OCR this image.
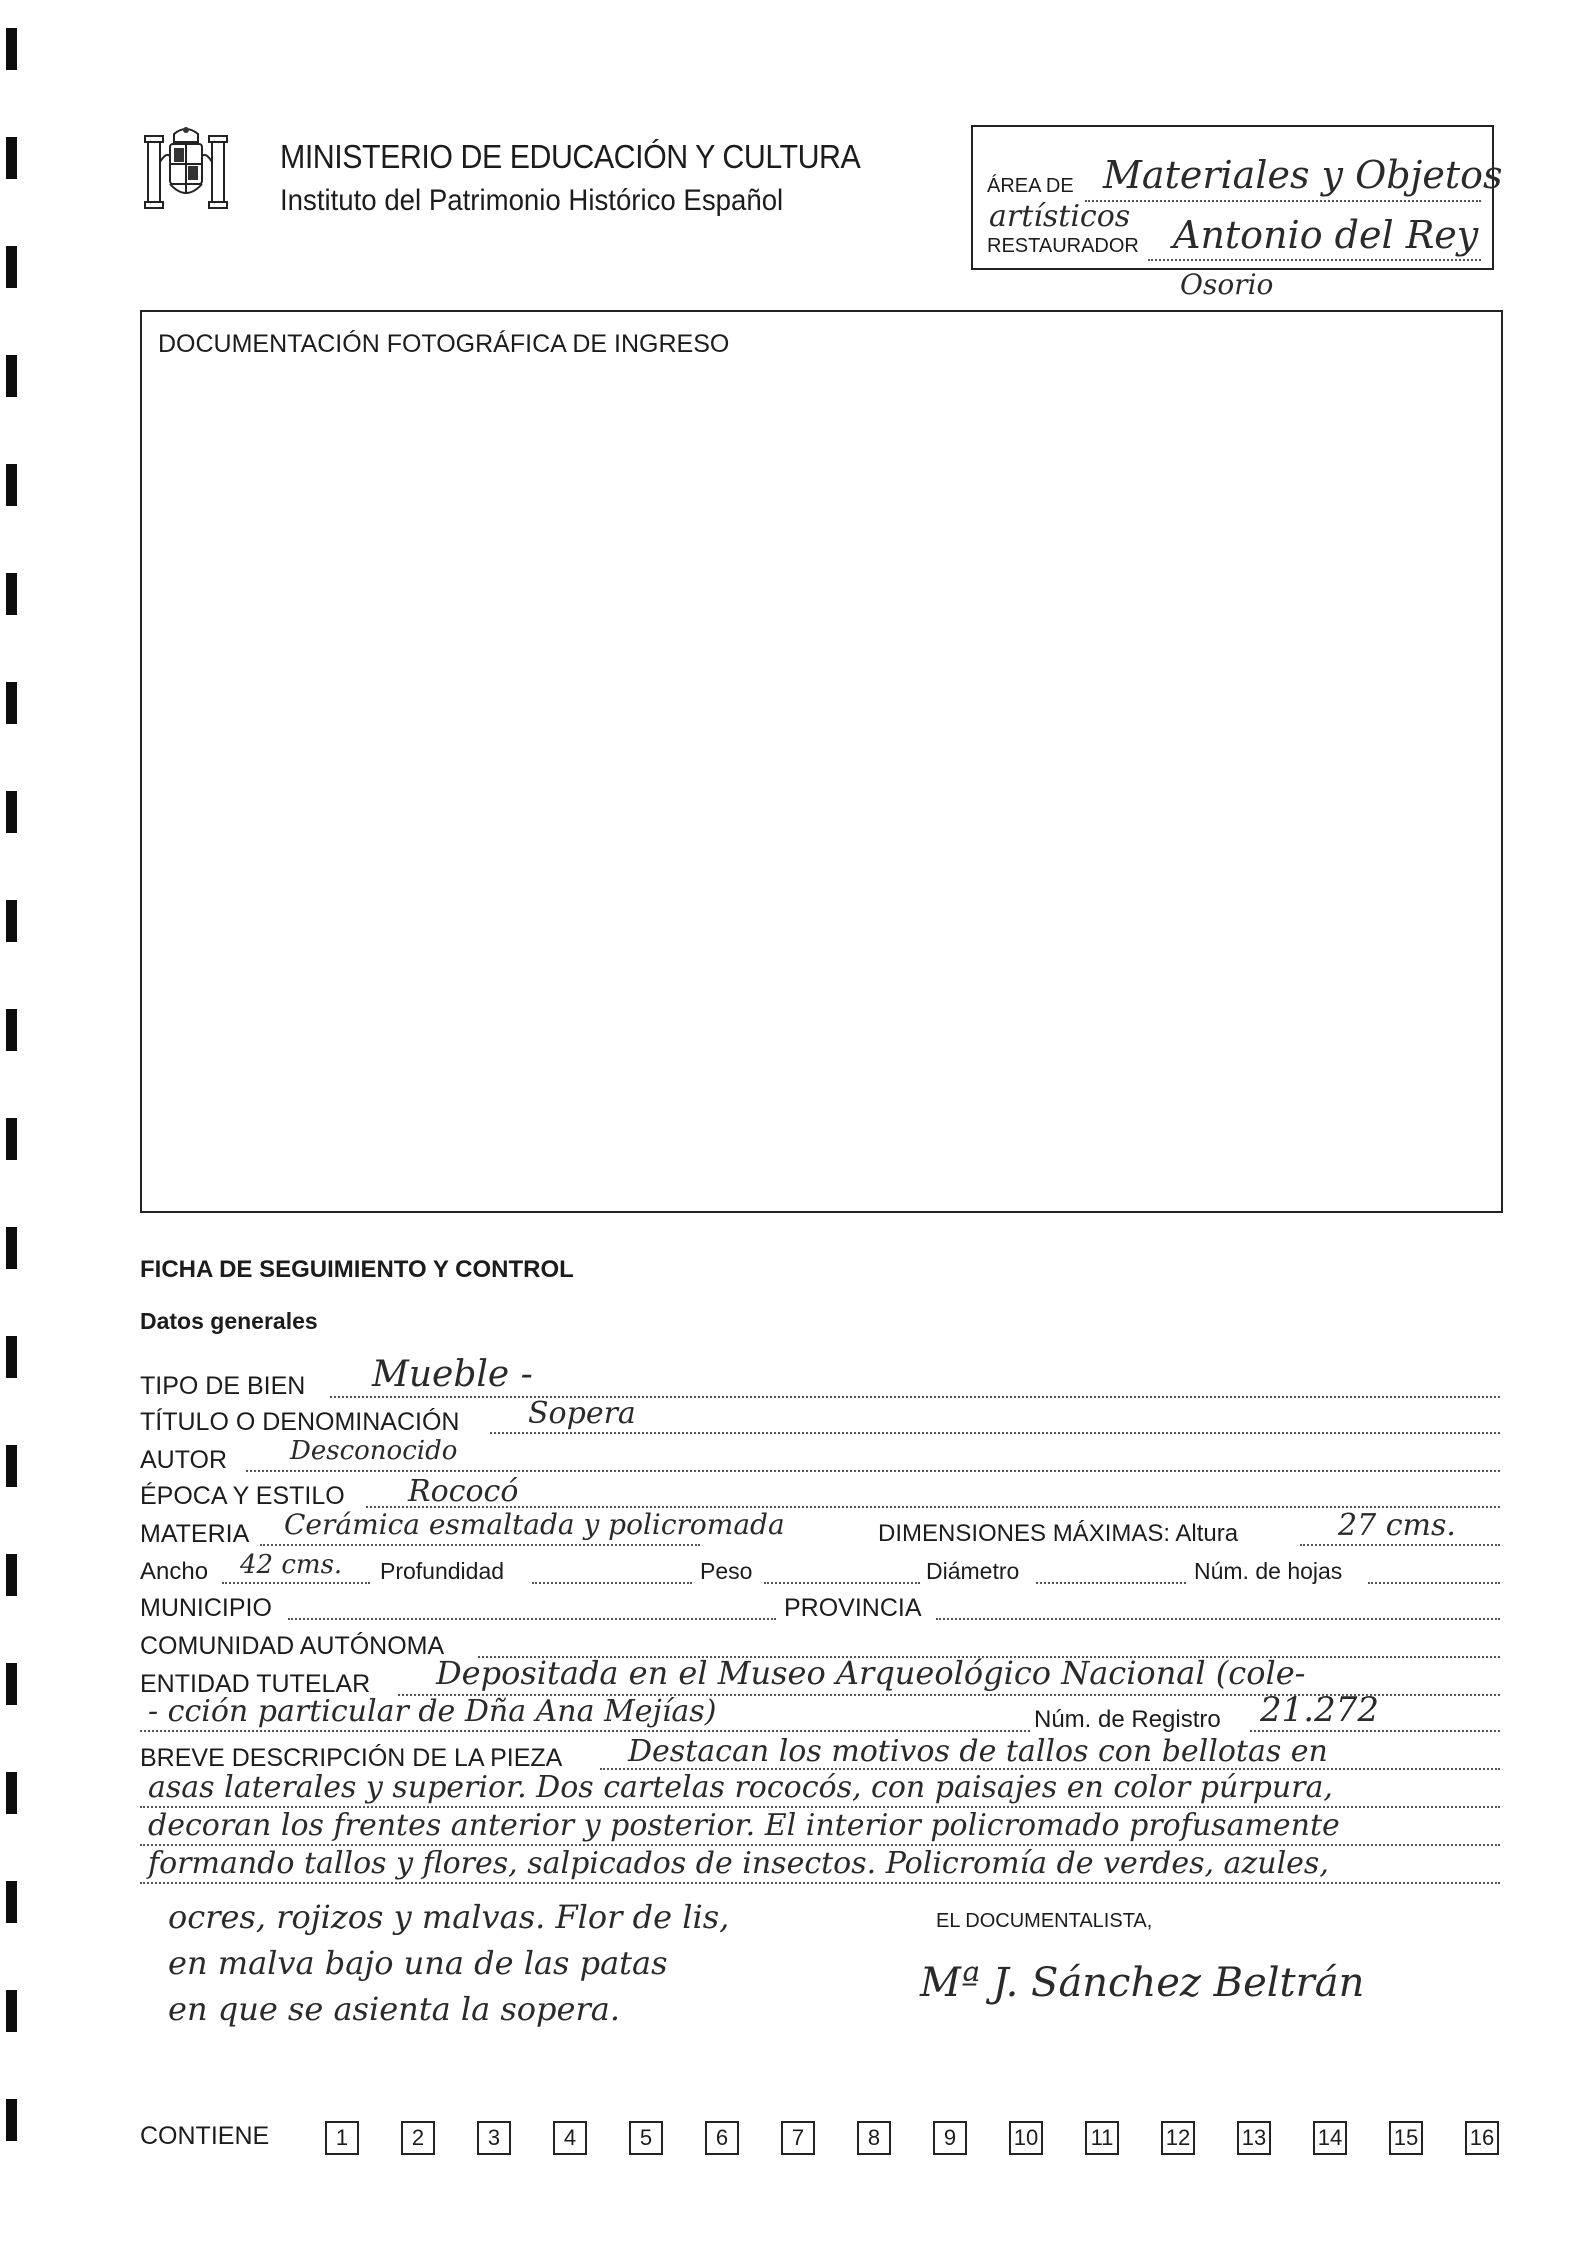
MINISTERIO DE EDUCACIÓN Y CULTURA
Instituto del Patrimonio Histórico Español	ÁREA DE Materiales y Objetos
artísticos
RESTAURADOR Antonio del Rey
Osorio
DOCUMENTACIÓN FOTOGRÁFICA DE INGRESO
FICHA DE SEGUIMIENTO Y CONTROL
Datos generales
TIPO DE BIEN Mueble -
TÍTULO O DENOMINACIÓN Sopera
AUTOR Desconocido
ÉPOCA Y ESTILO Rococó
MATERIA Cerámica esmaltada y policromada	DIMENSIONES MÁXIMAS: Altura	27 cms.
Ancho 42 cms. Profundidad	Peso	Diámetro	Núm. de hojas
MUNICIPIO	PROVINCIA
COMUNIDAD AUTÓNOMA
ENTIDAD TUTELAR Depositada en el Museo Arqueológico Nacional (cole-
- cción particular de Dña Ana Mejías)	Núm. de Registro 21.272
BREVE DESCRIPCIÓN DE LA PIEZA Destacan los motivos de tallos con bellotas en
asas laterales y superior. Dos cartelas rococós, con paisajes en color púrpura,
decoran los frentes anterior y posterior. El interior policromado profusamente
formando tallos y flores, salpicados de insectos. Policromía de verdes, azules,
ocres, rojizos y malvas. Flor de lis,
en malva bajo una de las patas
en que se asienta la sopera.
EL DOCUMENTALISTA,
Mª J. Sánchez Beltrán
CONTIENE	1	2	3	4	5	6	7	8	9	10 11 12 13 14 15 16
